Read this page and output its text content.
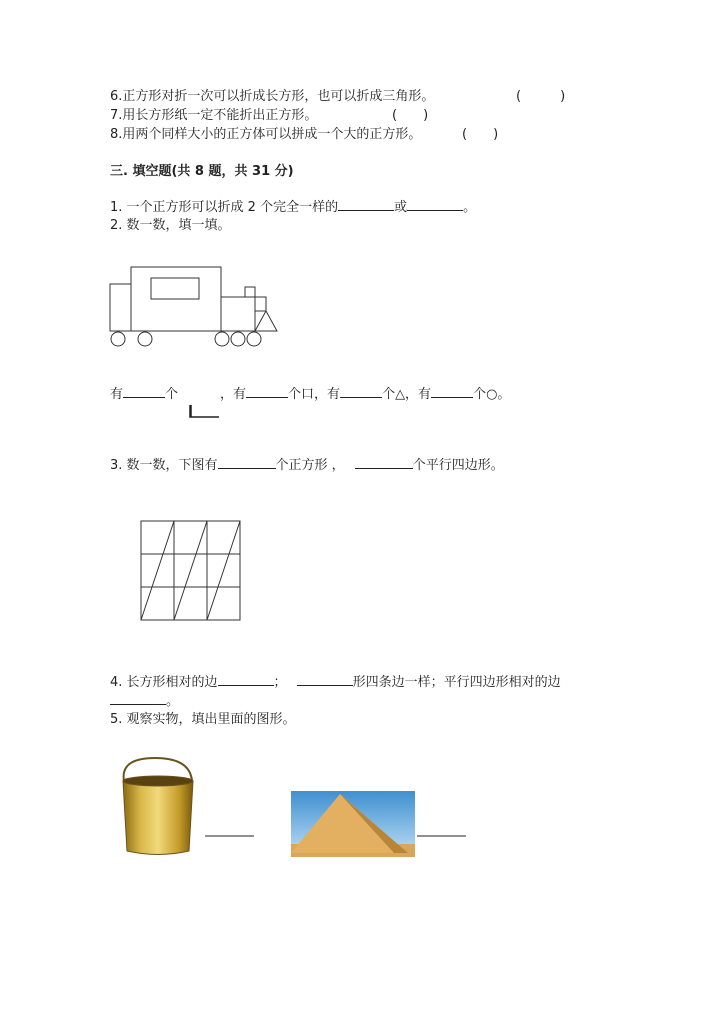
6.正方形对折一次可以折成长方形，也可以折成三角形。	(　　　)
7.用长方形纸一定不能折出正方形。	(　　)
8.用两个同样大小的正方体可以拼成一个大的正方形。	(　　)
三. 填空题(共 8 题，共 31 分)
1. 一个正方形可以折成 2 个完全一样的	或	。
2. 数一数，填一填。
有	个	，有	个口，有	个△，有	个○。
3. 数一数，下图有	个正方形 ，	个平行四边形。
4. 长方形相对的边	；	形四条边一样；平行四边形相对的边
。
5. 观察实物，填出里面的图形。
